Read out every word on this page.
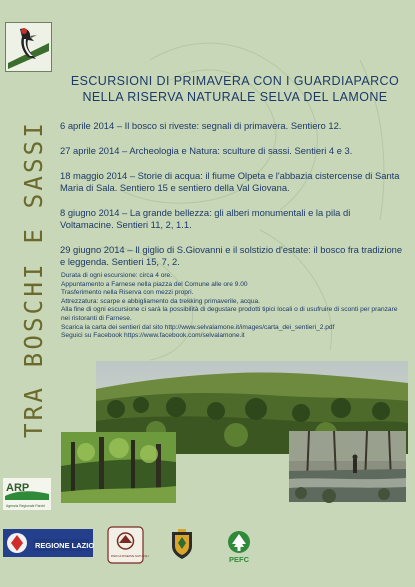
TRA BOSCHI E SASSI
ESCURSIONI DI PRIMAVERA CON I GUARDIAPARCO
NELLA RISERVA NATURALE SELVA DEL LAMONE

6 aprile 2014 – Il bosco si riveste: segnali di primavera. Sentiero 12.

27 aprile 2014 – Archeologia e Natura: sculture di sassi. Sentieri 4 e 3.

18 maggio 2014 – Storie di acqua: il fiume Olpeta e l'abbazia cistercense di Santa Maria di Sala. Sentiero 15 e sentiero della Val Giovana.

8 giugno 2014 – La grande bellezza: gli alberi monumentali e la pila di Voltamacine. Sentieri 11, 2, 1.1.

29 giugno 2014 – Il giglio di S.Giovanni e il solstizio d'estate: il bosco fra tradizione e leggenda. Sentieri 15, 7, 2.

Durata di ogni escursione: circa 4 ore.

Appuntamento a Farnese nella piazza del Comune alle ore 9.00

Trasferimento nella Riserva con mezzi propri.

Attrezzatura: scarpe e abbigliamento da trekking primaverile, acqua.

Alla fine di ogni escursione ci sarà la possibilità di degustare prodotti tipici locali o di usufruire di sconti per pranzare nei ristoranti di Farnese.

Scarica la carta dei sentieri dal sito http://www.selvalamone.it/images/carta_dei_sentieri_2.pdf

Seguici su Facebook https://www.facebook.com/selvalamone.it

ARP
Agenzia Regionale Parchi
REGIONE LAZIO
PARCHI RISERVE NATURALI	PEFC
